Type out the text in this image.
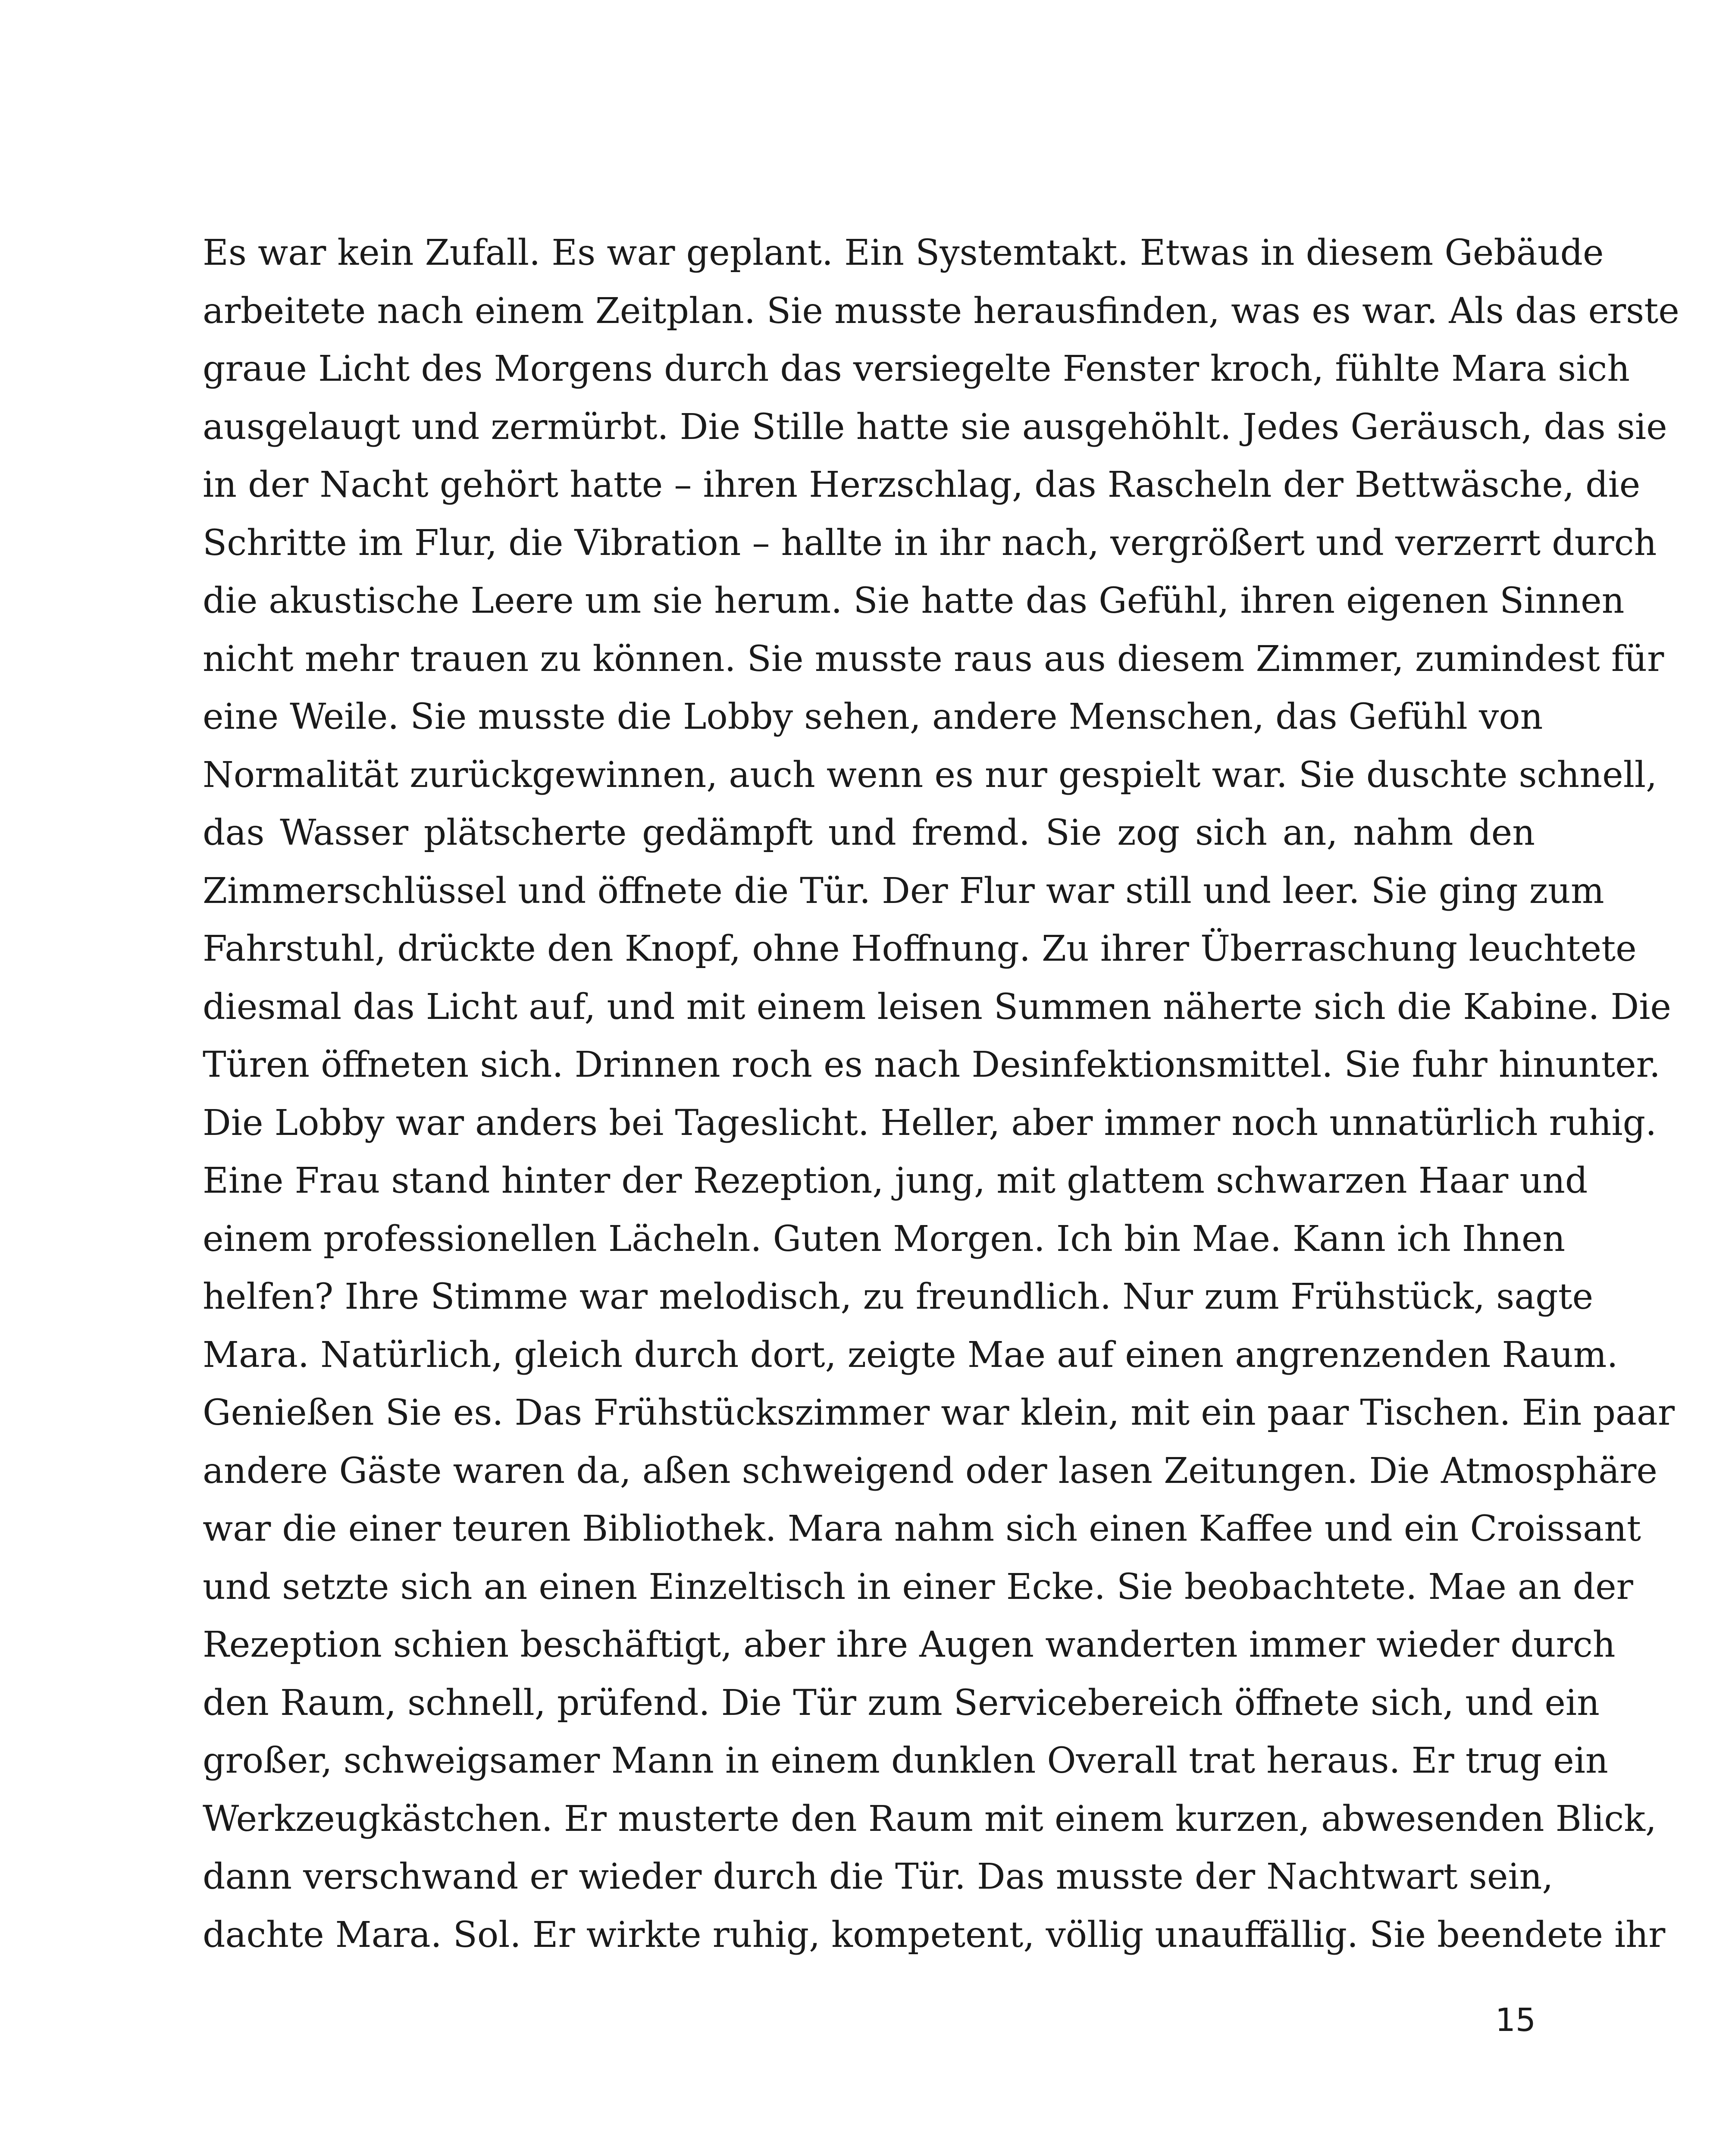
Es war kein Zufall. Es war geplant. Ein Systemtakt. Etwas in diesem Gebäude
arbeitete nach einem Zeitplan. Sie musste herausfinden, was es war. Als das erste
graue Licht des Morgens durch das versiegelte Fenster kroch, fühlte Mara sich
ausgelaugt und zermürbt. Die Stille hatte sie ausgehöhlt. Jedes Geräusch, das sie
in der Nacht gehört hatte – ihren Herzschlag, das Rascheln der Bettwäsche, die
Schritte im Flur, die Vibration – hallte in ihr nach, vergrößert und verzerrt durch
die akustische Leere um sie herum. Sie hatte das Gefühl, ihren eigenen Sinnen
nicht mehr trauen zu können. Sie musste raus aus diesem Zimmer, zumindest für
eine Weile. Sie musste die Lobby sehen, andere Menschen, das Gefühl von
Normalität zurückgewinnen, auch wenn es nur gespielt war. Sie duschte schnell,
das Wasser plätscherte gedämpft und fremd. Sie zog sich an, nahm den
Zimmerschlüssel und öffnete die Tür. Der Flur war still und leer. Sie ging zum
Fahrstuhl, drückte den Knopf, ohne Hoffnung. Zu ihrer Überraschung leuchtete
diesmal das Licht auf, und mit einem leisen Summen näherte sich die Kabine. Die
Türen öffneten sich. Drinnen roch es nach Desinfektionsmittel. Sie fuhr hinunter.
Die Lobby war anders bei Tageslicht. Heller, aber immer noch unnatürlich ruhig.
Eine Frau stand hinter der Rezeption, jung, mit glattem schwarzen Haar und
einem professionellen Lächeln. Guten Morgen. Ich bin Mae. Kann ich Ihnen
helfen? Ihre Stimme war melodisch, zu freundlich. Nur zum Frühstück, sagte
Mara. Natürlich, gleich durch dort, zeigte Mae auf einen angrenzenden Raum.
Genießen Sie es. Das Frühstückszimmer war klein, mit ein paar Tischen. Ein paar
andere Gäste waren da, aßen schweigend oder lasen Zeitungen. Die Atmosphäre
war die einer teuren Bibliothek. Mara nahm sich einen Kaffee und ein Croissant
und setzte sich an einen Einzeltisch in einer Ecke. Sie beobachtete. Mae an der
Rezeption schien beschäftigt, aber ihre Augen wanderten immer wieder durch
den Raum, schnell, prüfend. Die Tür zum Servicebereich öffnete sich, und ein
großer, schweigsamer Mann in einem dunklen Overall trat heraus. Er trug ein
Werkzeugkästchen. Er musterte den Raum mit einem kurzen, abwesenden Blick,
dann verschwand er wieder durch die Tür. Das musste der Nachtwart sein,
dachte Mara. Sol. Er wirkte ruhig, kompetent, völlig unauffällig. Sie beendete ihr
15
